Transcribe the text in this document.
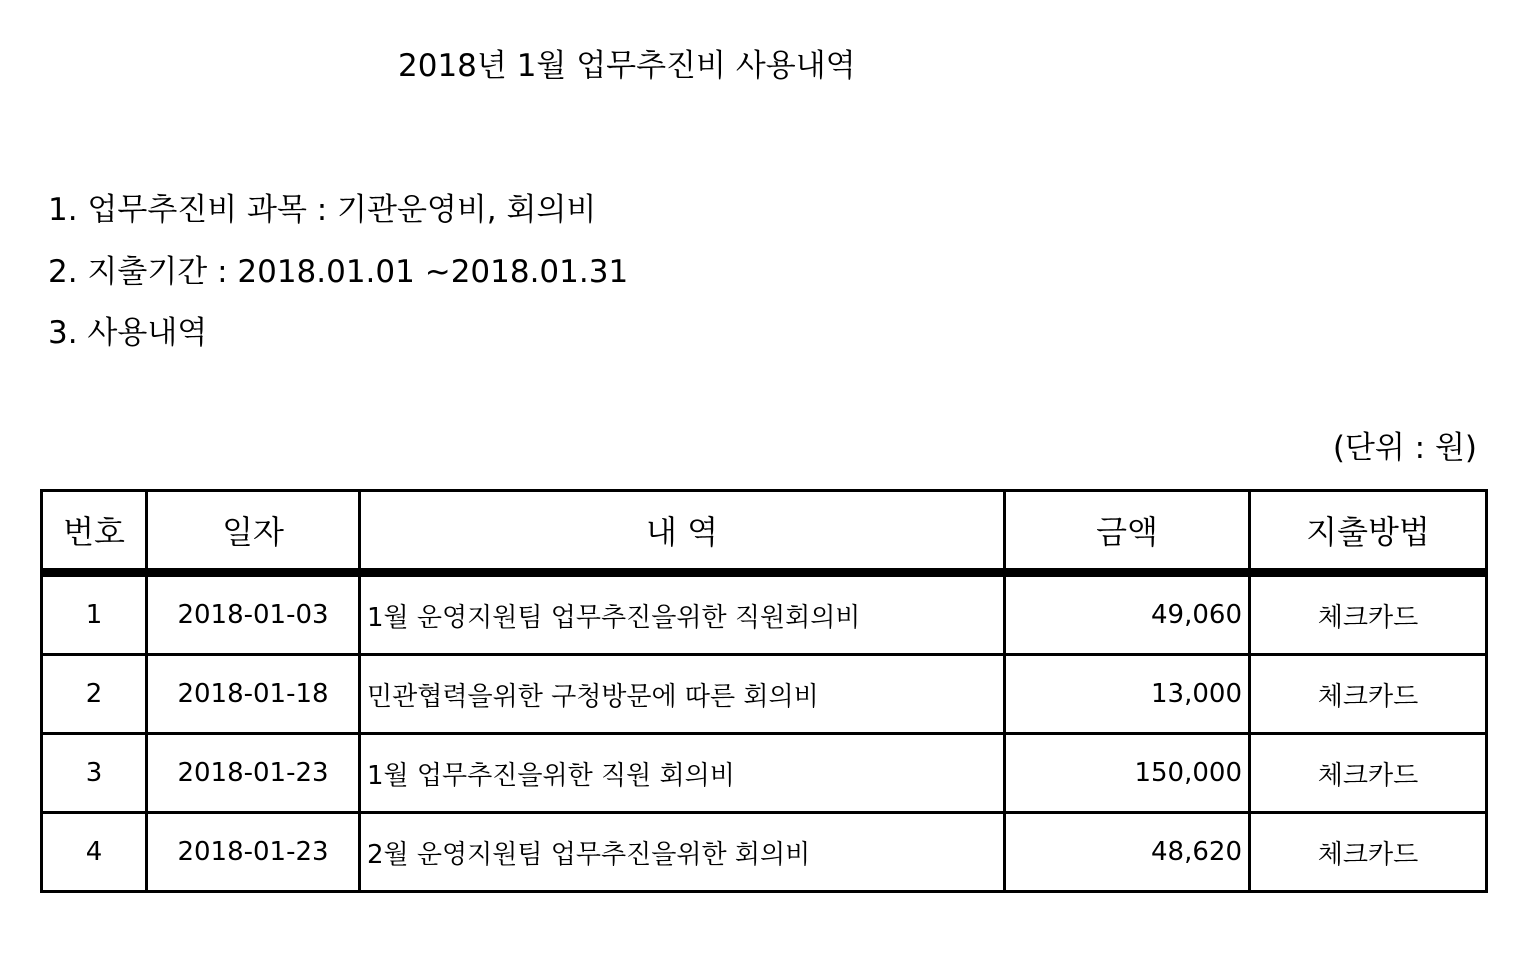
2018년 1월 업무추진비 사용내역
1. 업무추진비 과목 : 기관운영비, 회의비
2. 지출기간 : 2018.01.01 ~2018.01.31
3. 사용내역
(단위 : 원)
번호	일자	내 역	금액	지출방법
1	2018-01-03	1월 운영지원팀 업무추진을위한 직원회의비	49,060	체크카드
2	2018-01-18	민관협력을위한 구청방문에 따른 회의비	13,000	체크카드
3	2018-01-23	1월 업무추진을위한 직원 회의비	150,000	체크카드
4	2018-01-23	2월 운영지원팀 업무추진을위한 회의비	48,620	체크카드
